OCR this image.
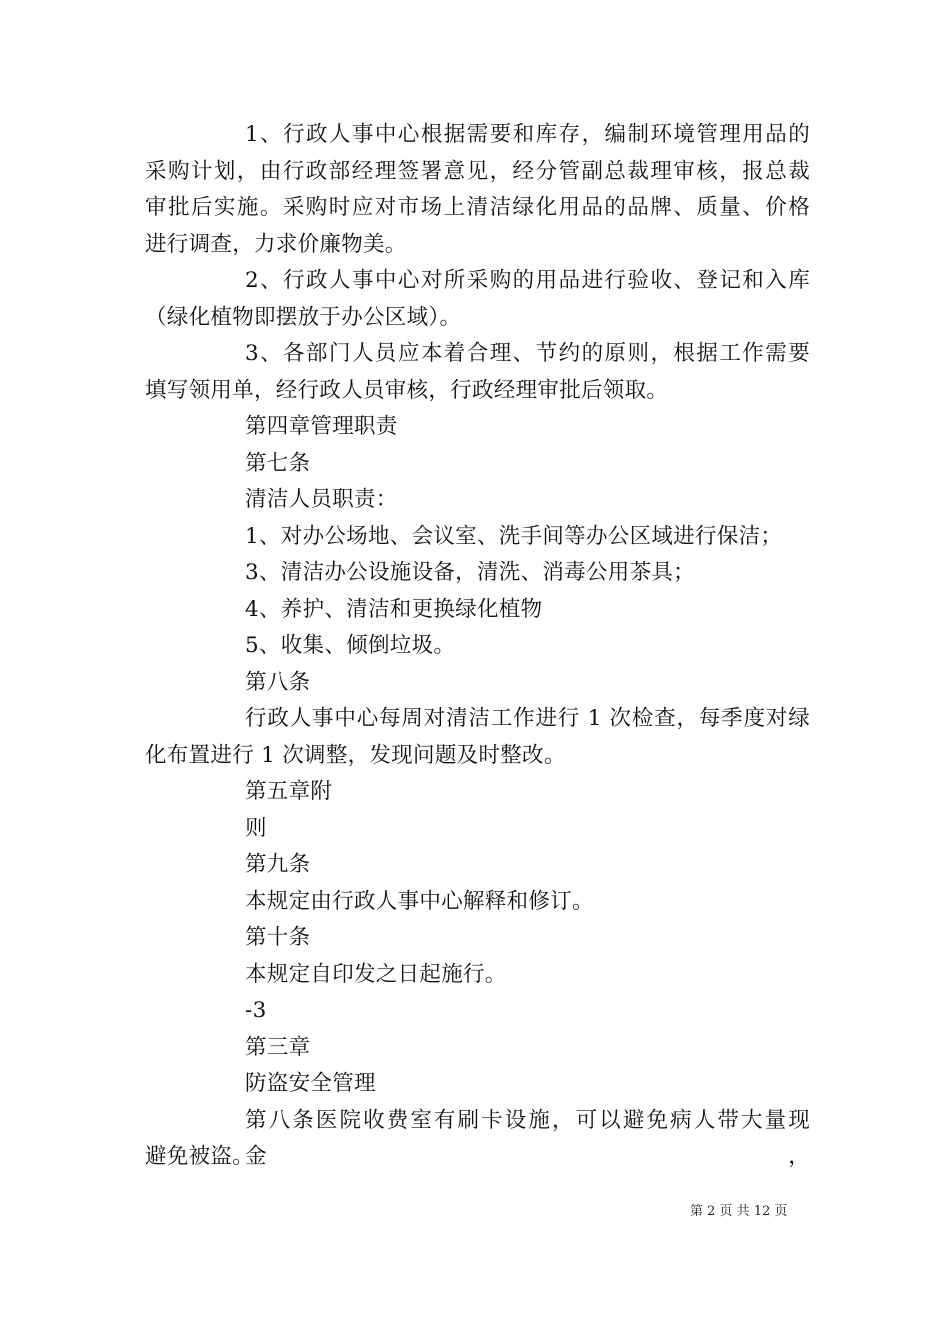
1、行政人事中心根据需要和库存，编制环境管理用品的
采购计划，由行政部经理签署意见，经分管副总裁理审核，报总裁
审批后实施。采购时应对市场上清洁绿化用品的品牌、质量、价格
进行调查，力求价廉物美。
2、行政人事中心对所采购的用品进行验收、登记和入库
（绿化植物即摆放于办公区域）。
3、各部门人员应本着合理、节约的原则，根据工作需要
填写领用单，经行政人员审核，行政经理审批后领取。
第四章管理职责
第七条
清洁人员职责：
1、对办公场地、会议室、洗手间等办公区域进行保洁；
3、清洁办公设施设备，清洗、消毒公用茶具；
4、养护、清洁和更换绿化植物
5、收集、倾倒垃圾。
第八条
行政人事中心每周对清洁工作进行 1 次检查，每季度对绿
化布置进行 1 次调整，发现问题及时整改。
第五章附
则
第九条
本规定由行政人事中心解释和修订。
第十条
本规定自印发之日起施行。
-3
第三章
防盗安全管理
第八条医院收费室有刷卡设施，可以避免病人带大量现金，
避免被盗。
第 2 页 共 12 页
